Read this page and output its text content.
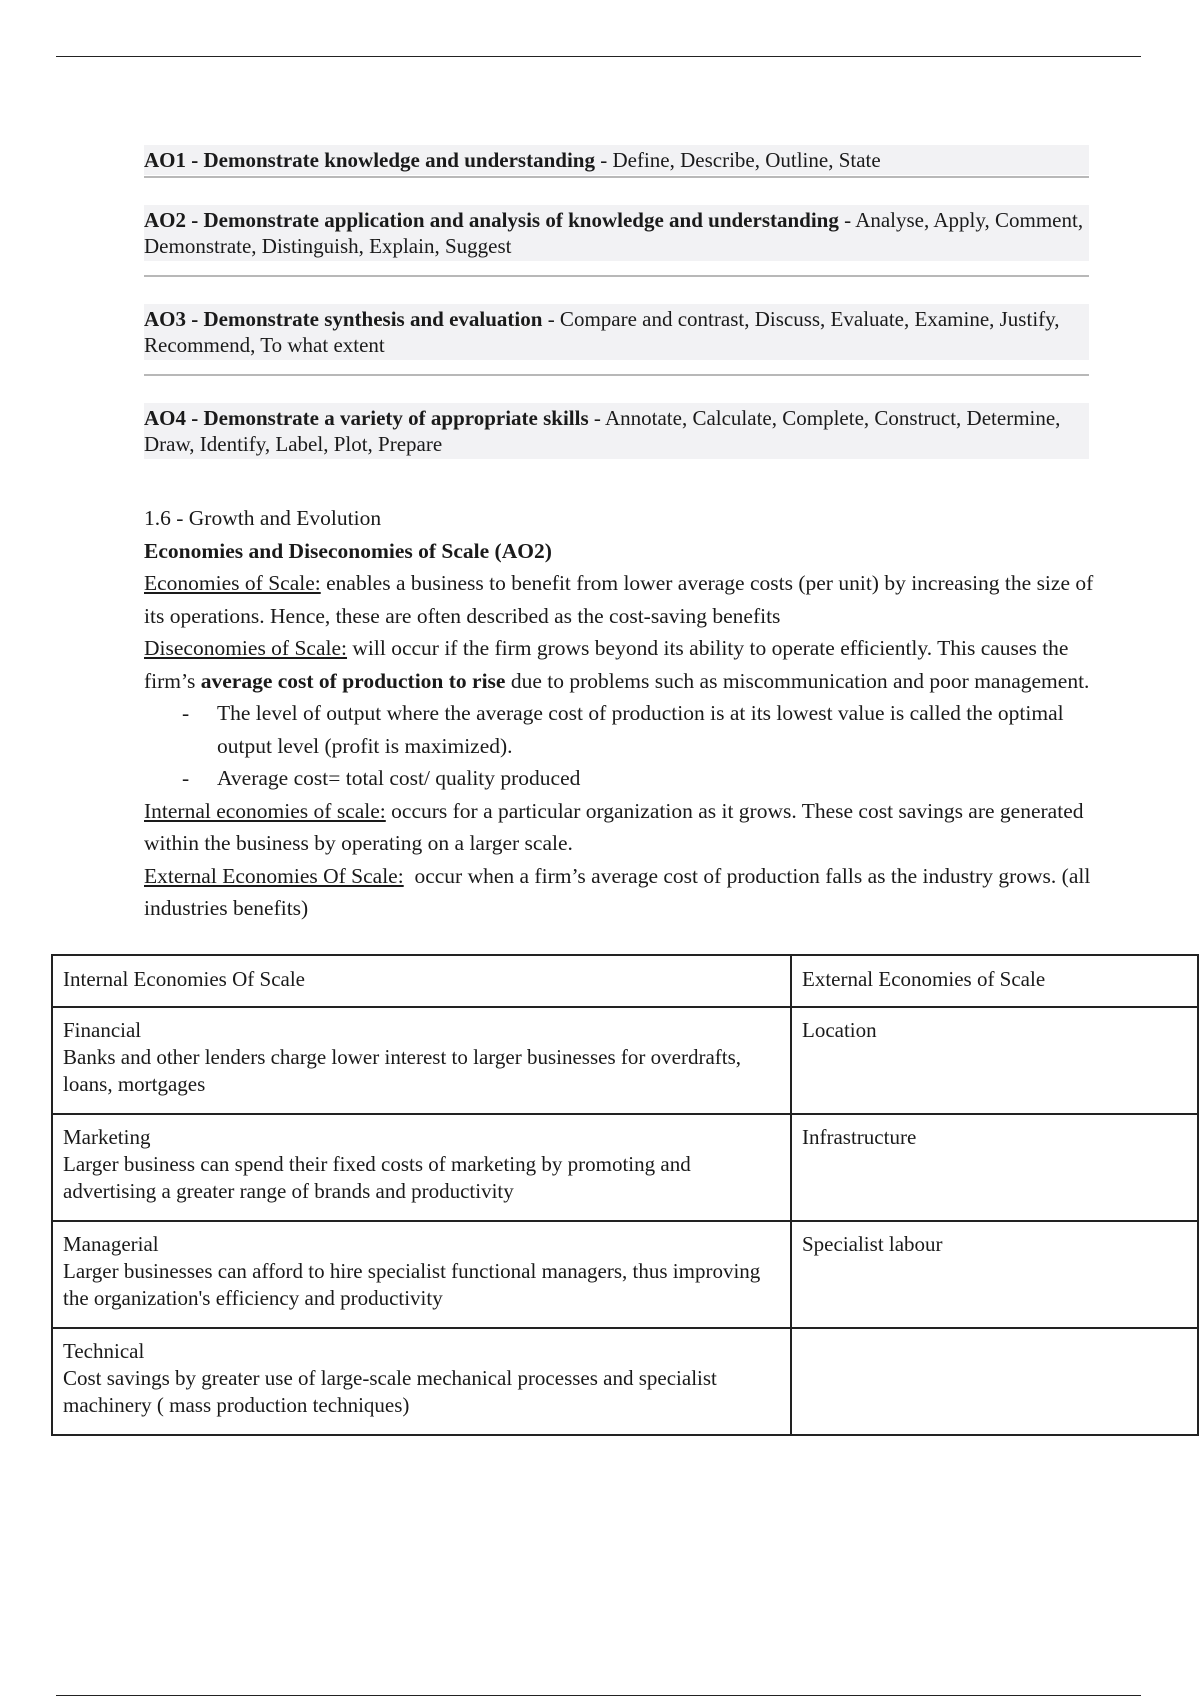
AO1 - Demonstrate knowledge and understanding - Define, Describe, Outline, State
AO2 - Demonstrate application and analysis of knowledge and understanding - Analyse, Apply, Comment, Demonstrate, Distinguish, Explain, Suggest
AO3 - Demonstrate synthesis and evaluation - Compare and contrast, Discuss, Evaluate, Examine, Justify, Recommend, To what extent
AO4 - Demonstrate a variety of appropriate skills - Annotate, Calculate, Complete, Construct, Determine, Draw, Identify, Label, Plot, Prepare

1.6 - Growth and Evolution

Economies and Diseconomies of Scale (AO2)

Economies of Scale: enables a business to benefit from lower average costs (per unit) by increasing the size of its operations. Hence, these are often described as the cost-saving benefits

Diseconomies of Scale: will occur if the firm grows beyond its ability to operate efficiently. This causes the firm’s average cost of production to rise due to problems such as miscommunication and poor management.

- The level of output where the average cost of production is at its lowest value is called the optimal output level (profit is maximized).

- Average cost= total cost/ quality produced

Internal economies of scale: occurs for a particular organization as it grows. These cost savings are generated within the business by operating on a larger scale.

External Economies Of Scale:  occur when a firm’s average cost of production falls as the industry grows. (all industries benefits)

Internal Economies Of Scale	External Economies of Scale

Financial
Banks and other lenders charge lower interest to larger businesses for overdrafts, loans, mortgages	Location

Marketing
Larger business can spend their fixed costs of marketing by promoting and advertising a greater range of brands and productivity	Infrastructure

Managerial
Larger businesses can afford to hire specialist functional managers, thus improving the organization's efficiency and productivity	Specialist labour

Technical
Cost savings by greater use of large-scale mechanical processes and specialist machinery ( mass production techniques)	
